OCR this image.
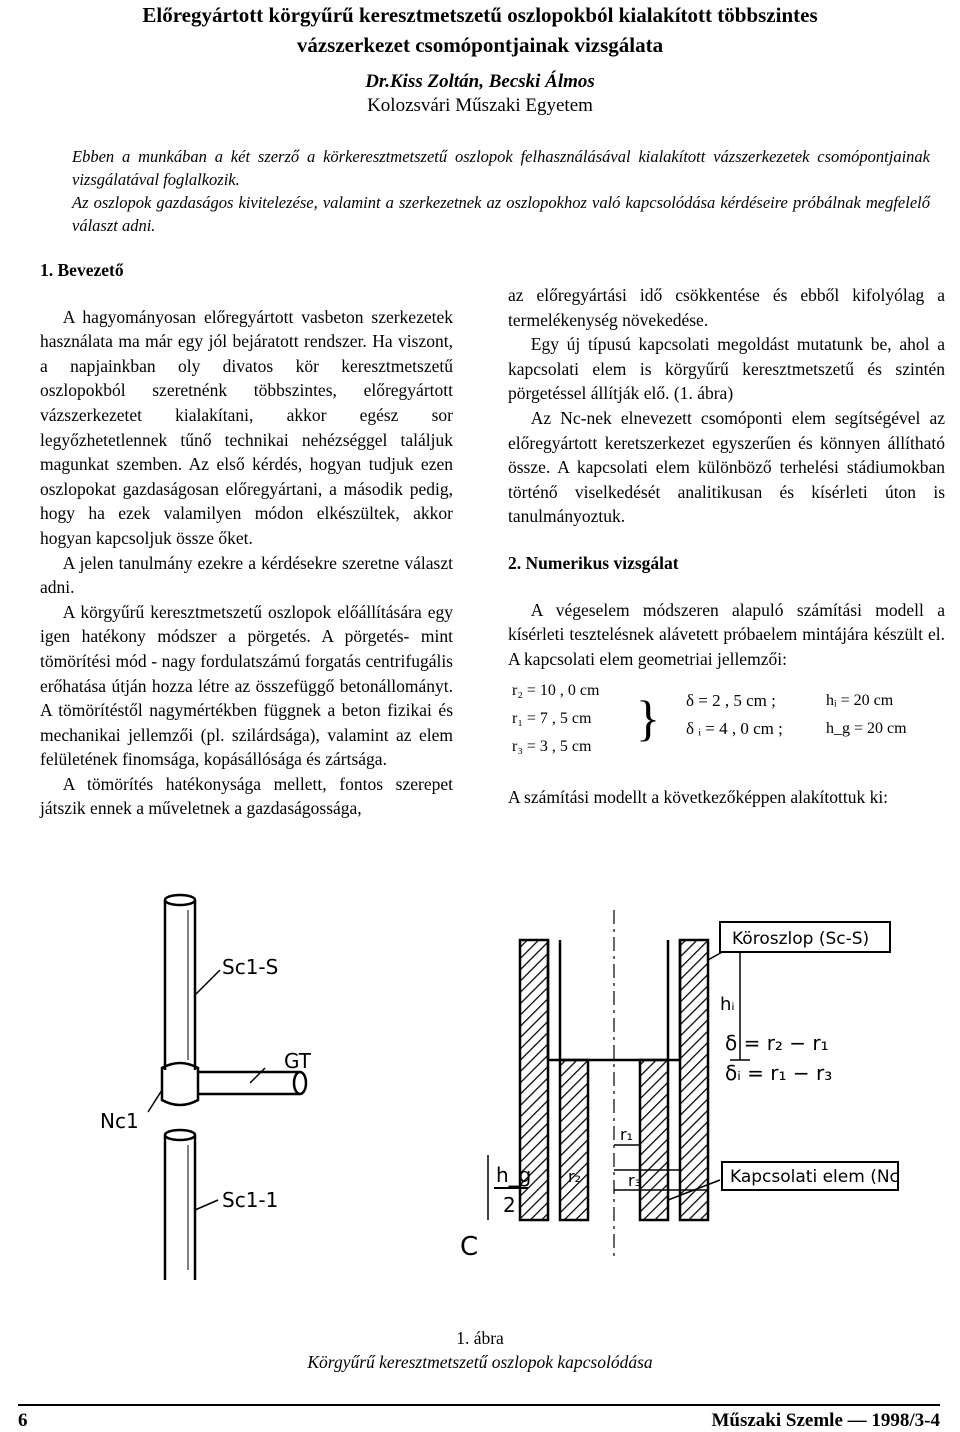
Előregyártott körgyűrű keresztmetszetű oszlopokból kialakított többszintes
vázszerkezet csomópontjainak vizsgálata
Dr.Kiss Zoltán, Becski Álmos
Kolozsvári Műszaki Egyetem

Ebben a munkában a két szerző a körkeresztmetszetű oszlopok felhasználásával kialakított vázszerkezetek csomópontjainak vizsgálatával foglalkozik.

Az oszlopok gazdaságos kivitelezése, valamint a szerkezetnek az oszlopokhoz való kapcsolódása kérdéseire próbálnak megfelelő választ adni.

1. Bevezető

A hagyományosan előregyártott vasbeton szerkezetek használata ma már egy jól bejáratott rendszer. Ha viszont, a napjainkban oly divatos kör keresztmetszetű oszlopokból szeretnénk többszintes, előregyártott vázszerkezetet kialakítani, akkor egész sor legyőzhetetlennek tűnő technikai nehézséggel találjuk magunkat szemben. Az első kérdés, hogyan tudjuk ezen oszlopokat gazdaságosan előregyártani, a második pedig, hogy ha ezek valamilyen módon elkészültek, akkor hogyan kapcsoljuk össze őket.

A jelen tanulmány ezekre a kérdésekre szeretne választ adni.

A körgyűrű keresztmetszetű oszlopok előállítására egy igen hatékony módszer a pörgetés. A pörgetés- mint tömörítési mód - nagy fordulatszámú forgatás centrifugális erőhatása útján hozza létre az összefüggő betonállományt. A tömörítéstől nagymértékben függnek a beton fizikai és mechanikai jellemzői (pl. szilárdsága), valamint az elem felületének finomsága, kopásállósága és zártsága.

A tömörítés hatékonysága mellett, fontos szerepet játszik ennek a műveletnek a gazdaságossága,

az előregyártási idő csökkentése és ebből kifolyólag a termelékenység növekedése.

Egy új típusú kapcsolati megoldást mutatunk be, ahol a kapcsolati elem is körgyűrű keresztmetszetű és szintén pörgetéssel állítják elő. (1. ábra)

Az Nc-nek elnevezett csomóponti elem segítségével az előregyártott keretszerkezet egyszerűen és könnyen állítható össze. A kapcsolati elem különböző terhelési stádiumokban történő viselkedését analitikusan és kísérleti úton is tanulmányoztuk.

2. Numerikus vizsgálat

A végeselem módszeren alapuló számítási modell a kísérleti tesztelésnek alávetett próbaelem mintájára készült el. A kapcsolati elem geometriai jellemzői:

r₂ = 10 , 0 cm
r₁ = 7 , 5 cm
r₃ = 3 , 5 cm
} δ = 2 , 5 cm ;
δ ᵢ = 4 , 0 cm ;
hᵢ = 20 cm
h_g = 20 cm

A számítási modellt a következőképpen alakítottuk ki:

Sc1-S
GT
Nc1
Sc1-1
Köroszlop (Sc-S)
hᵢ
δ = r₂ − r₁
δᵢ = r₁ − r₃
r₁
r₂	r₃
h_g
2
Kapcsolati elem (Nc)
C
1. ábra
Körgyűrű keresztmetszetű oszlopok kapcsolódása
6	Műszaki Szemle — 1998/3-4
